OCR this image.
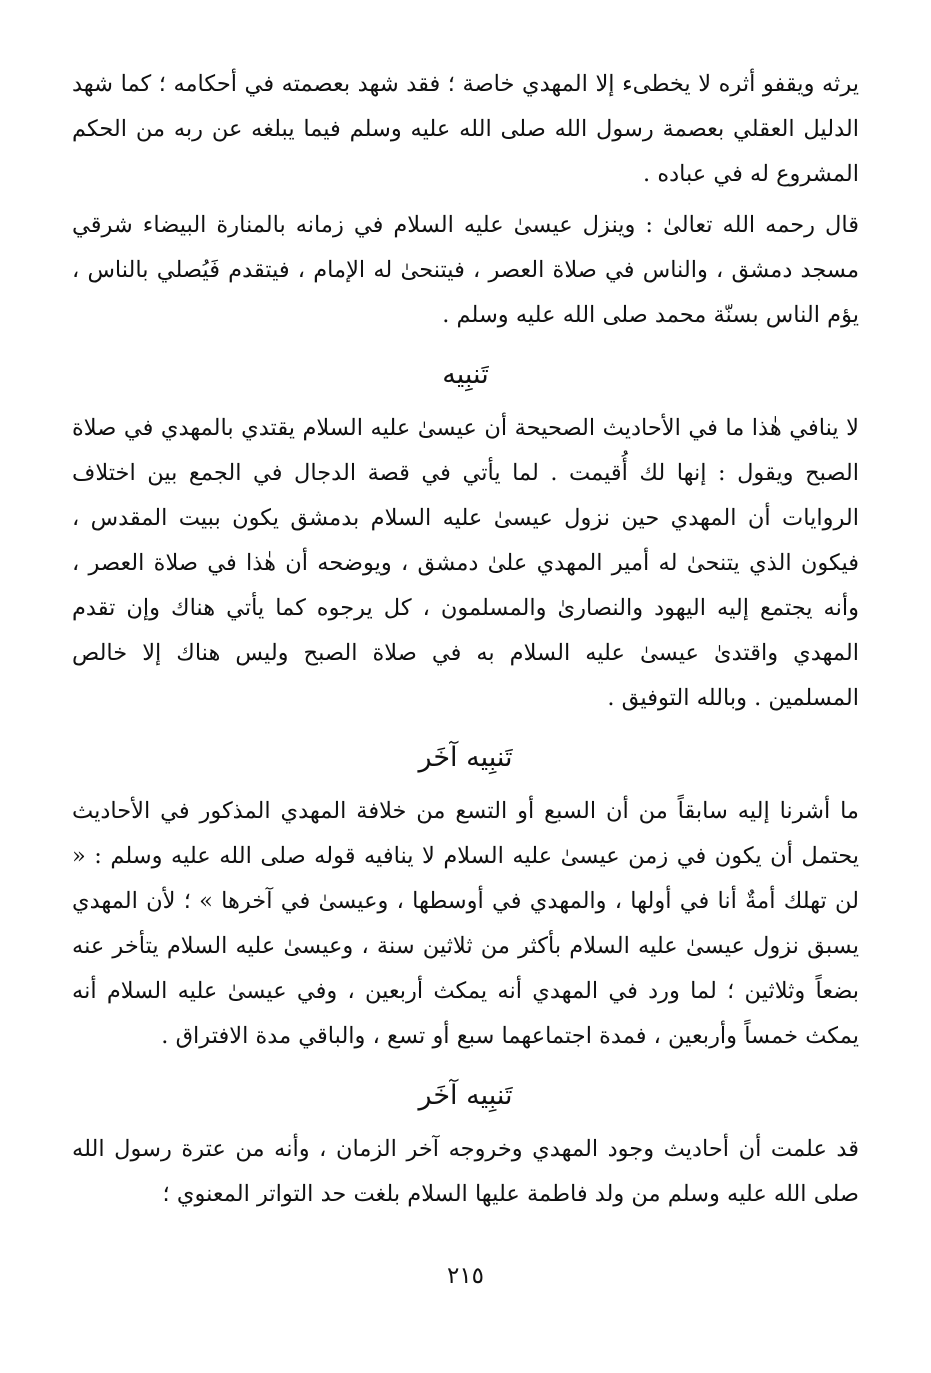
يرثه ويقفو أثره لا يخطىء إلا المهدي خاصة ؛ فقد شهد بعصمته في أحكامه ؛ كما شهد الدليل العقلي بعصمة رسول الله صلى الله عليه وسلم فيما يبلغه عن ربه من الحكم المشروع له في عباده .

قال رحمه الله تعالىٰ : وينزل عيسىٰ عليه السلام في زمانه بالمنارة البيضاء شرقي مسجد دمشق ، والناس في صلاة العصر ، فيتنحىٰ له الإمام ، فيتقدم فَيُصلي بالناس ، يؤم الناس بسنّة محمد صلى الله عليه وسلم .

تَنبِيه

لا ينافي هٰذا ما في الأحاديث الصحيحة أن عيسىٰ عليه السلام يقتدي بالمهدي في صلاة الصبح ويقول : إنها لك أُقيمت . لما يأتي في قصة الدجال في الجمع بين اختلاف الروايات أن المهدي حين نزول عيسىٰ عليه السلام بدمشق يكون ببيت المقدس ، فيكون الذي يتنحىٰ له أمير المهدي علىٰ دمشق ، ويوضحه أن هٰذا في صلاة العصر ، وأنه يجتمع إليه اليهود والنصارىٰ والمسلمون ، كل يرجوه كما يأتي هناك وإن تقدم المهدي واقتدىٰ عيسىٰ عليه السلام به في صلاة الصبح وليس هناك إلا خالص المسلمين . وبالله التوفيق .

تَنبِيه آخَر

ما أشرنا إليه سابقاً من أن السبع أو التسع من خلافة المهدي المذكور في الأحاديث يحتمل أن يكون في زمن عيسىٰ عليه السلام لا ينافيه قوله صلى الله عليه وسلم : « لن تهلك أمةٌ أنا في أولها ، والمهدي في أوسطها ، وعيسىٰ في آخرها » ؛ لأن المهدي يسبق نزول عيسىٰ عليه السلام بأكثر من ثلاثين سنة ، وعيسىٰ عليه السلام يتأخر عنه بضعاً وثلاثين ؛ لما ورد في المهدي أنه يمكث أربعين ، وفي عيسىٰ عليه السلام أنه يمكث خمساً وأربعين ، فمدة اجتماعهما سبع أو تسع ، والباقي مدة الافتراق .

تَنبِيه آخَر

قد علمت أن أحاديث وجود المهدي وخروجه آخر الزمان ، وأنه من عترة رسول الله صلى الله عليه وسلم من ولد فاطمة عليها السلام بلغت حد التواتر المعنوي ؛

٢١٥
